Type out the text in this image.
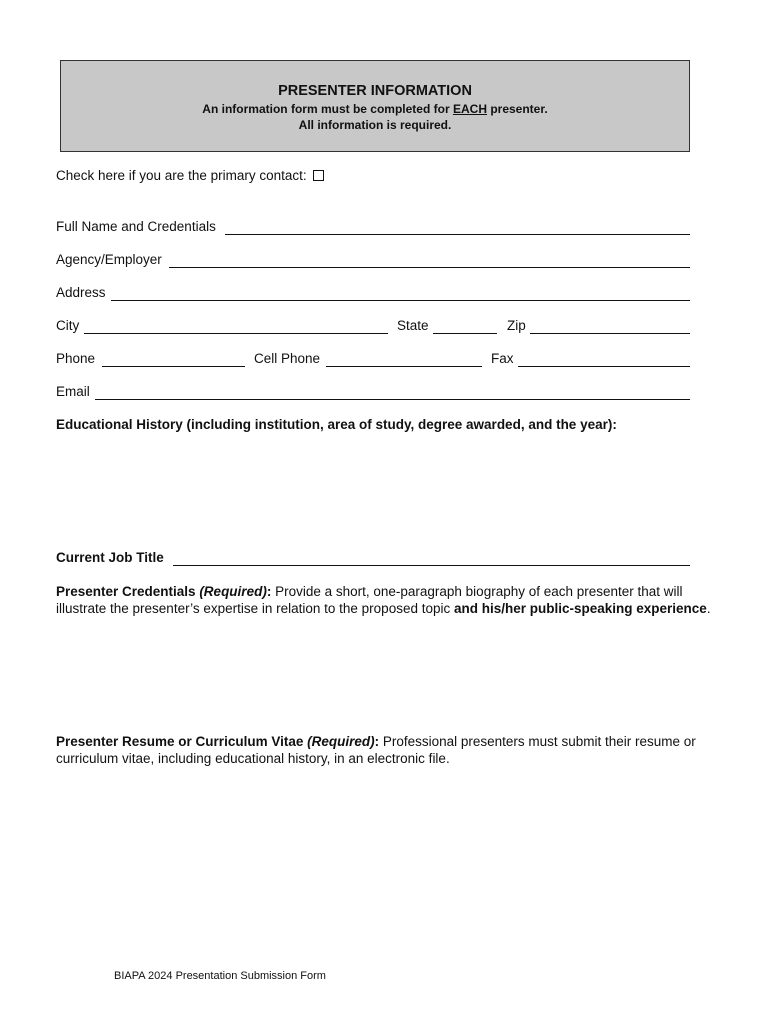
PRESENTER INFORMATION
An information form must be completed for EACH presenter.
All information is required.
Check here if you are the primary contact:
Full Name and Credentials
Agency/Employer
Address
City	State	Zip
Phone	Cell Phone	Fax
Email
Educational History (including institution, area of study, degree awarded, and the year):
Current Job Title
Presenter Credentials (Required): Provide a short, one-paragraph biography of each presenter that will illustrate the presenter’s expertise in relation to the proposed topic and his/her public-speaking experience.
Presenter Resume or Curriculum Vitae (Required): Professional presenters must submit their resume or curriculum vitae, including educational history, in an electronic file.
BIAPA 2024 Presentation Submission Form
